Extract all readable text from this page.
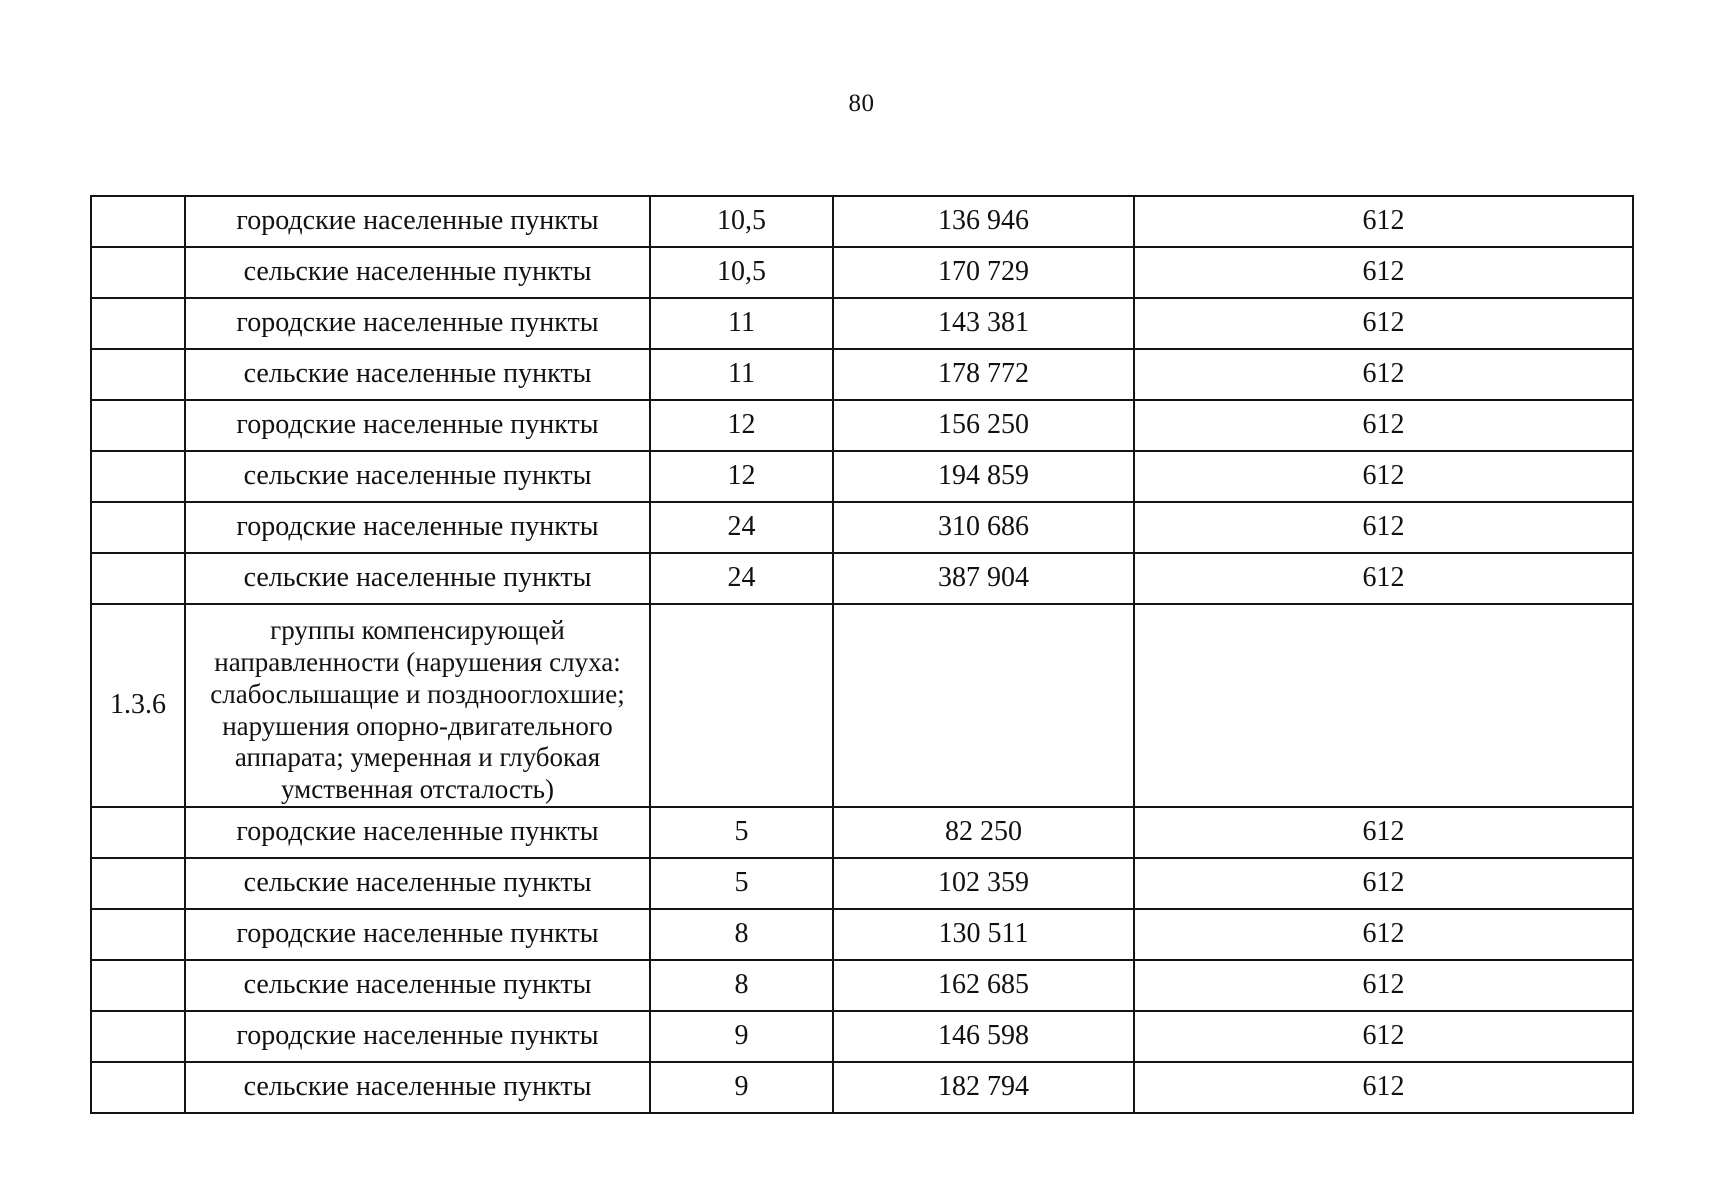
80
	городские населенные пункты	10,5	136 946	612
	сельские населенные пункты	10,5	170 729	612
	городские населенные пункты	11	143 381	612
	сельские населенные пункты	11	178 772	612
	городские населенные пункты	12	156 250	612
	сельские населенные пункты	12	194 859	612
	городские населенные пункты	24	310 686	612
	сельские населенные пункты	24	387 904	612
1.3.6	группы компенсирующей направленности (нарушения слуха: слабослышащие и позднооглохшие; нарушения опорно-двигательного аппарата; умеренная и глубокая умственная отсталость)			
	городские населенные пункты	5	82 250	612
	сельские населенные пункты	5	102 359	612
	городские населенные пункты	8	130 511	612
	сельские населенные пункты	8	162 685	612
	городские населенные пункты	9	146 598	612
	сельские населенные пункты	9	182 794	612
